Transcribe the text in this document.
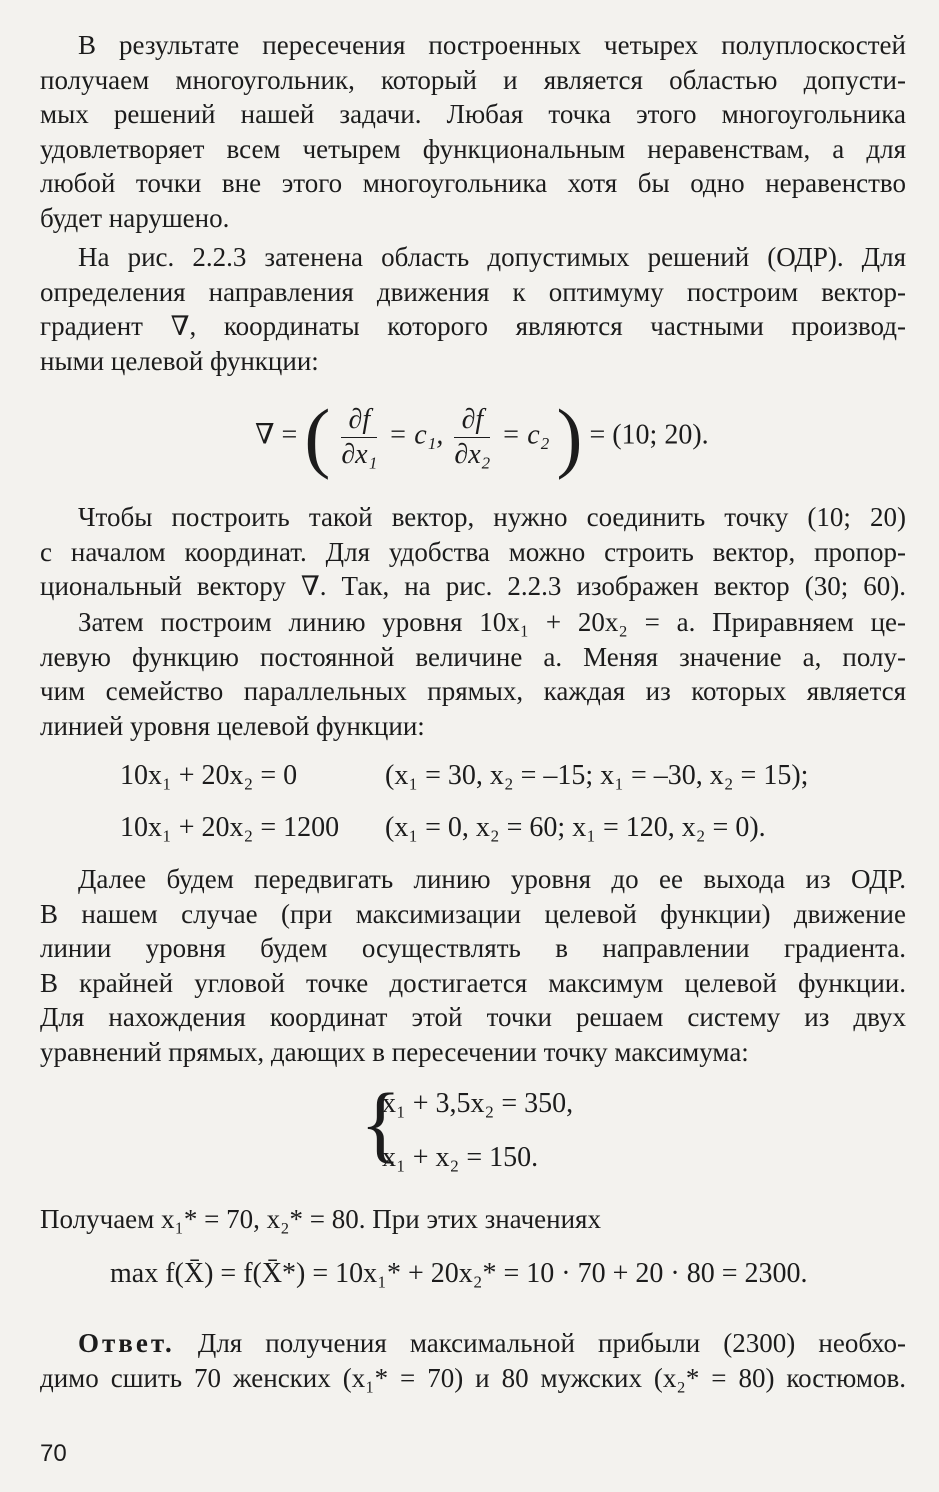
В результате пересечения построенных четырех полуплоскостей
получаем многоугольник, который и является областью допусти-
мых решений нашей задачи. Любая точка этого многоугольника
удовлетворяет всем четырем функциональным неравенствам, а для
любой точки вне этого многоугольника хотя бы одно неравенство
будет нарушено.
На рис. 2.2.3 затенена область допустимых решений (ОДР). Для
определения направления движения к оптимуму построим вектор-
градиент ∇, координаты которого являются частными производ-
ными целевой функции:
∇ = ( $\frac{\partial f}{\text{∂x₁}} = c_1$, $\frac{\partial f}{\text{∂x₂}} = c_2$ ) = (10; 20).
Чтобы построить такой вектор, нужно соединить точку (10; 20)
с началом координат. Для удобства можно строить вектор, пропор-
циональный вектору ∇. Так, на рис. 2.2.3 изображен вектор (30; 60).
Затем построим линию уровня 10x₁ + 20x₂ = a. Приравняем це-
левую функцию постоянной величине a. Меняя значение a, полу-
чим семейство параллельных прямых, каждая из которых является
линией уровня целевой функции:
10x₁ + 20x₂ = 0	(x₁ = 30, x₂ = –15; x₁ = –30, x₂ = 15);
10x₁ + 20x₂ = 1200 (x₁ = 0, x₂ = 60; x₁ = 120, x₂ = 0).
Далее будем передвигать линию уровня до ее выхода из ОДР.
В нашем случае (при максимизации целевой функции) движение
линии уровня будем осуществлять в направлении градиента.
В крайней угловой точке достигается максимум целевой функции.
Для нахождения координат этой точки решаем систему из двух
уравнений прямых, дающих в пересечении точку максимума:
{
x₁ + 3,5x₂ = 350,
x₁ + x₂ = 150.
Получаем x₁* = 70, x₂* = 80. При этих значениях
max f(X̄) = f(X̄*) = 10x₁* + 20x₂* = 10 · 70 + 20 · 80 = 2300.
Ответ. Для получения максимальной прибыли (2300) необхо-
димо сшить 70 женских (x₁* = 70) и 80 мужских (x₂* = 80) костюмов.
70
